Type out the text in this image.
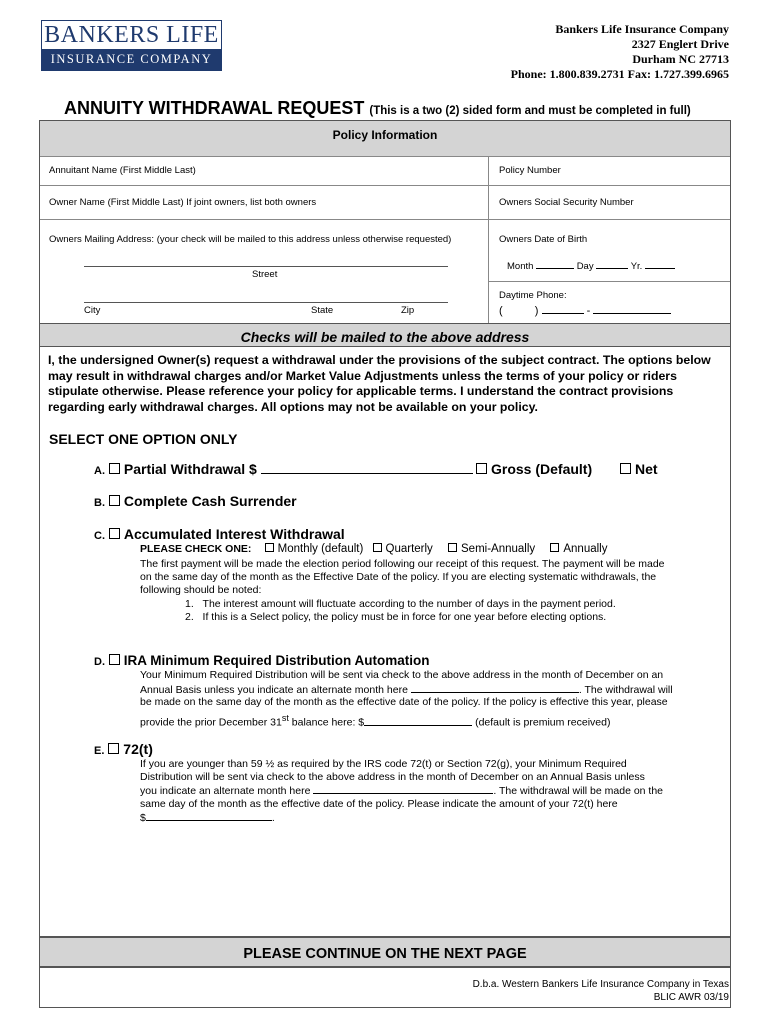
BANKERS LIFE
INSURANCE COMPANY
Bankers Life Insurance Company
2327 Englert Drive
Durham NC 27713
Phone: 1.800.839.2731 Fax: 1.727.399.6965
ANNUITY WITHDRAWAL REQUEST (This is a two (2) sided form and must be completed in full)
Policy Information
Annuitant Name (First Middle Last)	Policy Number
Owner Name (First Middle Last) If joint owners, list both owners	Owners Social Security Number
Owners Mailing Address: (your check will be mailed to this address unless otherwise requested)
Street
City	State	Zip
Owners Date of Birth
Month	Day	Yr.
Daytime Phone:
(	)	-
Checks will be mailed to the above address
I, the undersigned Owner(s) request a withdrawal under the provisions of the subject contract. The options below may result in withdrawal charges and/or Market Value Adjustments unless the terms of your policy or riders stipulate otherwise. Please reference your policy for applicable terms. I understand the contract provisions regarding early withdrawal charges. All options may not be available on your policy.
SELECT ONE OPTION ONLY
A. Partial Withdrawal $	Gross (Default)	Net
B. Complete Cash Surrender
C. Accumulated Interest Withdrawal
PLEASE CHECK ONE: Monthly (default) Quarterly Semi-Annually Annually
The first payment will be made the election period following our receipt of this request. The payment will be made
on the same day of the month as the Effective Date of the policy. If you are electing systematic withdrawals, the
following should be noted:
1. The interest amount will fluctuate according to the number of days in the payment period.
2. If this is a Select policy, the policy must be in force for one year before electing options.
D. IRA Minimum Required Distribution Automation
Your Minimum Required Distribution will be sent via check to the above address in the month of December on an
Annual Basis unless you indicate an alternate month here	. The withdrawal will
be made on the same day of the month as the effective date of the policy. If the policy is effective this year, please
provide the prior December 31st balance here: $	(default is premium received)
E. 72(t)
If you are younger than 59 ½ as required by the IRS code 72(t) or Section 72(g), your Minimum Required
Distribution will be sent via check to the above address in the month of December on an Annual Basis unless
you indicate an alternate month here	. The withdrawal will be made on the
same day of the month as the effective date of the policy. Please indicate the amount of your 72(t) here
$	.
PLEASE CONTINUE ON THE NEXT PAGE
D.b.a. Western Bankers Life Insurance Company in Texas
BLIC AWR 03/19
